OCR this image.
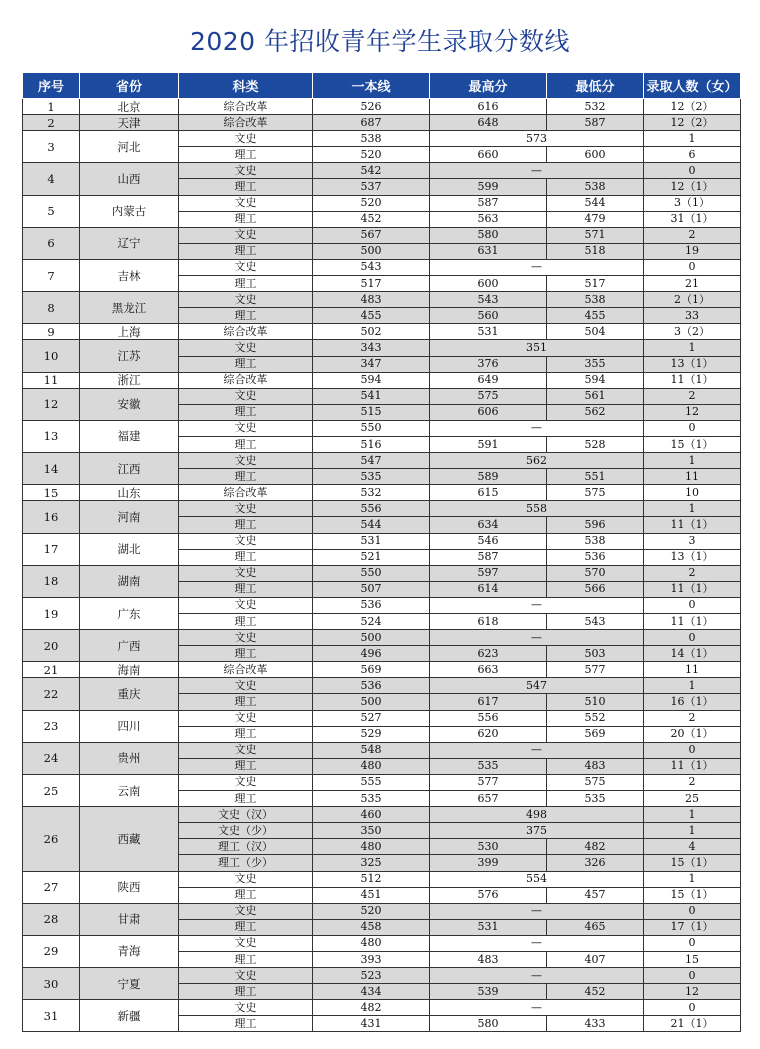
2020 年招收青年学生录取分数线
序号	省份	科类	一本线	最高分	最低分	录取人数（女）
1	北京	综合改革	526	616	532	12（2）
2	天津	综合改革	687	648	587	12（2）
3	河北	文史	538	573		1
		理工	520	660	600	6
4	山西	文史	542	—		0
		理工	537	599	538	12（1）
5	内蒙古	文史	520	587	544	3（1）
		理工	452	563	479	31（1）
6	辽宁	文史	567	580	571	2
		理工	500	631	518	19
7	吉林	文史	543	—		0
		理工	517	600	517	21
8	黑龙江	文史	483	543	538	2（1）
		理工	455	560	455	33
9	上海	综合改革	502	531	504	3（2）
10	江苏	文史	343	351		1
		理工	347	376	355	13（1）
11	浙江	综合改革	594	649	594	11（1）
12	安徽	文史	541	575	561	2
		理工	515	606	562	12
13	福建	文史	550	—		0
		理工	516	591	528	15（1）
14	江西	文史	547	562		1
		理工	535	589	551	11
15	山东	综合改革	532	615	575	10
16	河南	文史	556	558		1
		理工	544	634	596	11（1）
17	湖北	文史	531	546	538	3
		理工	521	587	536	13（1）
18	湖南	文史	550	597	570	2
		理工	507	614	566	11（1）
19	广东	文史	536	—		0
		理工	524	618	543	11（1）
20	广西	文史	500	—		0
		理工	496	623	503	14（1）
21	海南	综合改革	569	663	577	11
22	重庆	文史	536	547		1
		理工	500	617	510	16（1）
23	四川	文史	527	556	552	2
		理工	529	620	569	20（1）
24	贵州	文史	548	—		0
		理工	480	535	483	11（1）
25	云南	文史	555	577	575	2
		理工	535	657	535	25
26	西藏	文史（汉）	460	498		1
		文史（少）	350	375		1
		理工（汉）	480	530	482	4
		理工（少）	325	399	326	15（1）
27	陕西	文史	512	554		1
		理工	451	576	457	15（1）
28	甘肃	文史	520	—		0
		理工	458	531	465	17（1）
29	青海	文史	480	—		0
		理工	393	483	407	15
30	宁夏	文史	523	—		0
		理工	434	539	452	12
31	新疆	文史	482	—		0
		理工	431	580	433	21（1）
